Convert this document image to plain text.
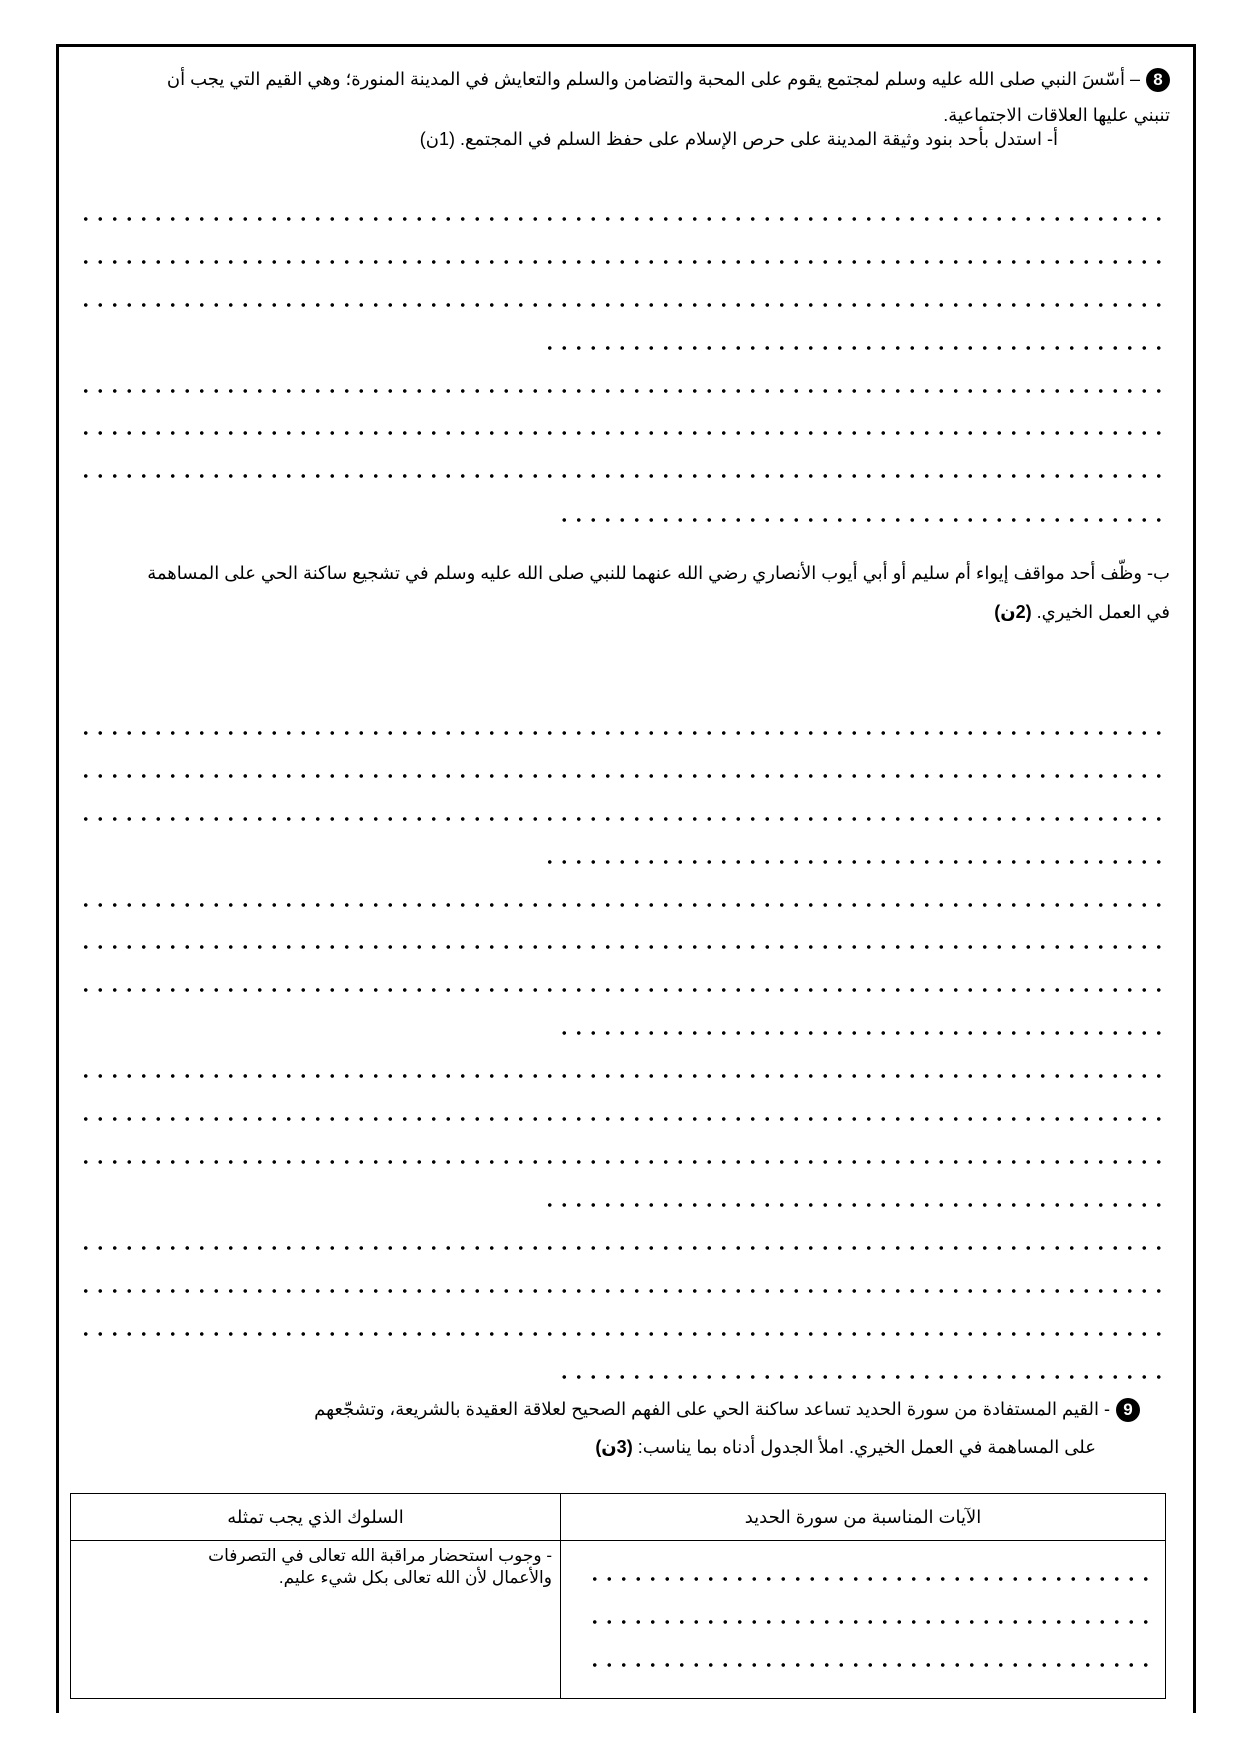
8– أسّسَ النبي صلى الله عليه وسلم لمجتمع يقوم على المحبة والتضامن والسلم والتعايش في المدينة المنورة؛ وهي القيم التي يجب أن
تنبني عليها العلاقات الاجتماعية.
أ- استدل بأحد بنود وثيقة المدينة على حرص الإسلام على حفظ السلم في المجتمع. (1ن)
ب- وظّف أحد مواقف إيواء أم سليم أو أبي أيوب الأنصاري رضي الله عنهما للنبي صلى الله عليه وسلم في تشجيع ساكنة الحي على المساهمة
في العمل الخيري. (2ن)
9- القيم المستفادة من سورة الحديد تساعد ساكنة الحي على الفهم الصحيح لعلاقة العقيدة بالشريعة، وتشجّعهم
على المساهمة في العمل الخيري. املأ الجدول أدناه بما يناسب: (3ن)
الآيات المناسبة من سورة الحديد	السلوك الذي يجب تمثله

	- وجوب استحضار مراقبة الله تعالى في التصرفات
والأعمال لأن الله تعالى بكل شيء عليم.
